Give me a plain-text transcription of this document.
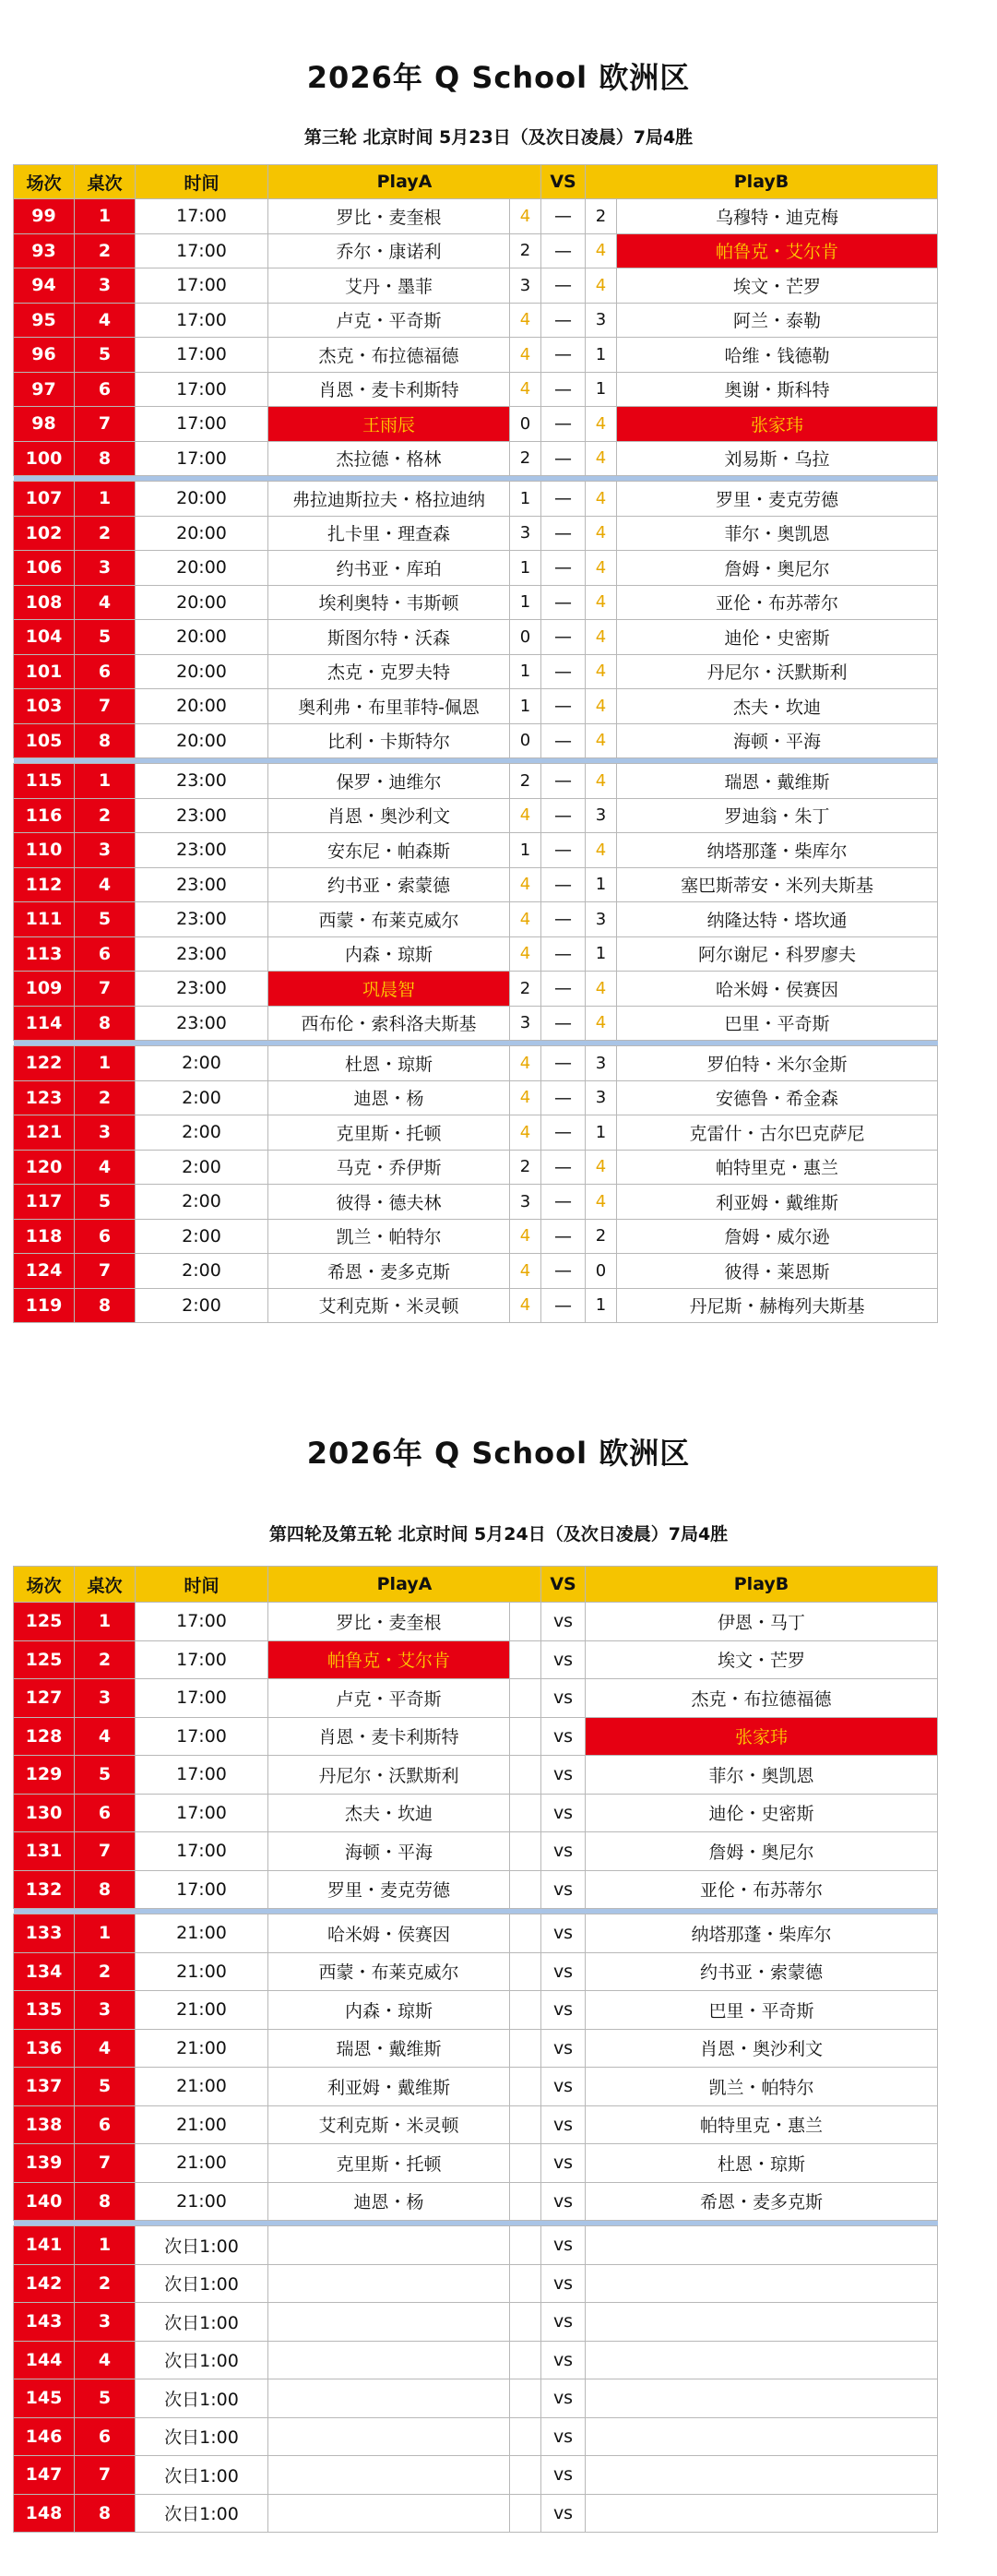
2026年 Q School 欧洲区
第三轮 北京时间 5月23日（及次日凌晨）7局4胜
场次	桌次	时间	PlayA		VS	PlayB	
99	1	17:00	罗比・麦奎根	4	—	2	乌穆特・迪克梅
93	2	17:00	乔尔・康诺利	2	—	4	帕鲁克・艾尔肯
94	3	17:00	艾丹・墨菲	3	—	4	埃文・芒罗
95	4	17:00	卢克・平奇斯	4	—	3	阿兰・泰勒
96	5	17:00	杰克・布拉德福德	4	—	1	哈维・钱德勒
97	6	17:00	肖恩・麦卡利斯特	4	—	1	奥谢・斯科特
98	7	17:00	王雨辰	0	—	4	张家玮
100	8	17:00	杰拉德・格林	2	—	4	刘易斯・乌拉

107	1	20:00	弗拉迪斯拉夫・格拉迪纳	1	—	4	罗里・麦克劳德
102	2	20:00	扎卡里・理查森	3	—	4	菲尔・奥凯恩
106	3	20:00	约书亚・库珀	1	—	4	詹姆・奥尼尔
108	4	20:00	埃利奥特・韦斯顿	1	—	4	亚伦・布苏蒂尔
104	5	20:00	斯图尔特・沃森	0	—	4	迪伦・史密斯
101	6	20:00	杰克・克罗夫特	1	—	4	丹尼尔・沃默斯利
103	7	20:00	奥利弗・布里菲特-佩恩	1	—	4	杰夫・坎迪
105	8	20:00	比利・卡斯特尔	0	—	4	海顿・平海

115	1	23:00	保罗・迪维尔	2	—	4	瑞恩・戴维斯
116	2	23:00	肖恩・奥沙利文	4	—	3	罗迪翁・朱丁
110	3	23:00	安东尼・帕森斯	1	—	4	纳塔那蓬・柴库尔
112	4	23:00	约书亚・索蒙德	4	—	1	塞巴斯蒂安・米列夫斯基
111	5	23:00	西蒙・布莱克威尔	4	—	3	纳隆达特・塔坎通
113	6	23:00	内森・琼斯	4	—	1	阿尔谢尼・科罗廖夫
109	7	23:00	巩晨智	2	—	4	哈米姆・侯赛因
114	8	23:00	西布伦・索科洛夫斯基	3	—	4	巴里・平奇斯

122	1	2:00	杜恩・琼斯	4	—	3	罗伯特・米尔金斯
123	2	2:00	迪恩・杨	4	—	3	安德鲁・希金森
121	3	2:00	克里斯・托顿	4	—	1	克雷什・古尔巴克萨尼
120	4	2:00	马克・乔伊斯	2	—	4	帕特里克・惠兰
117	5	2:00	彼得・德夫林	3	—	4	利亚姆・戴维斯
118	6	2:00	凯兰・帕特尔	4	—	2	詹姆・威尔逊
124	7	2:00	希恩・麦多克斯	4	—	0	彼得・莱恩斯
119	8	2:00	艾利克斯・米灵顿	4	—	1	丹尼斯・赫梅列夫斯基
2026年 Q School 欧洲区
第四轮及第五轮 北京时间 5月24日（及次日凌晨）7局4胜
场次	桌次	时间	PlayA		VS	PlayB
125	1	17:00	罗比・麦奎根		vs	伊恩・马丁
125	2	17:00	帕鲁克・艾尔肯		vs	埃文・芒罗
127	3	17:00	卢克・平奇斯		vs	杰克・布拉德福德
128	4	17:00	肖恩・麦卡利斯特		vs	张家玮
129	5	17:00	丹尼尔・沃默斯利		vs	菲尔・奥凯恩
130	6	17:00	杰夫・坎迪		vs	迪伦・史密斯
131	7	17:00	海顿・平海		vs	詹姆・奥尼尔
132	8	17:00	罗里・麦克劳德		vs	亚伦・布苏蒂尔

133	1	21:00	哈米姆・侯赛因		vs	纳塔那蓬・柴库尔
134	2	21:00	西蒙・布莱克威尔		vs	约书亚・索蒙德
135	3	21:00	内森・琼斯		vs	巴里・平奇斯
136	4	21:00	瑞恩・戴维斯		vs	肖恩・奥沙利文
137	5	21:00	利亚姆・戴维斯		vs	凯兰・帕特尔
138	6	21:00	艾利克斯・米灵顿		vs	帕特里克・惠兰
139	7	21:00	克里斯・托顿		vs	杜恩・琼斯
140	8	21:00	迪恩・杨		vs	希恩・麦多克斯

141	1	次日1:00			vs	
142	2	次日1:00			vs	
143	3	次日1:00			vs	
144	4	次日1:00			vs	
145	5	次日1:00			vs	
146	6	次日1:00			vs	
147	7	次日1:00			vs	
148	8	次日1:00			vs	
